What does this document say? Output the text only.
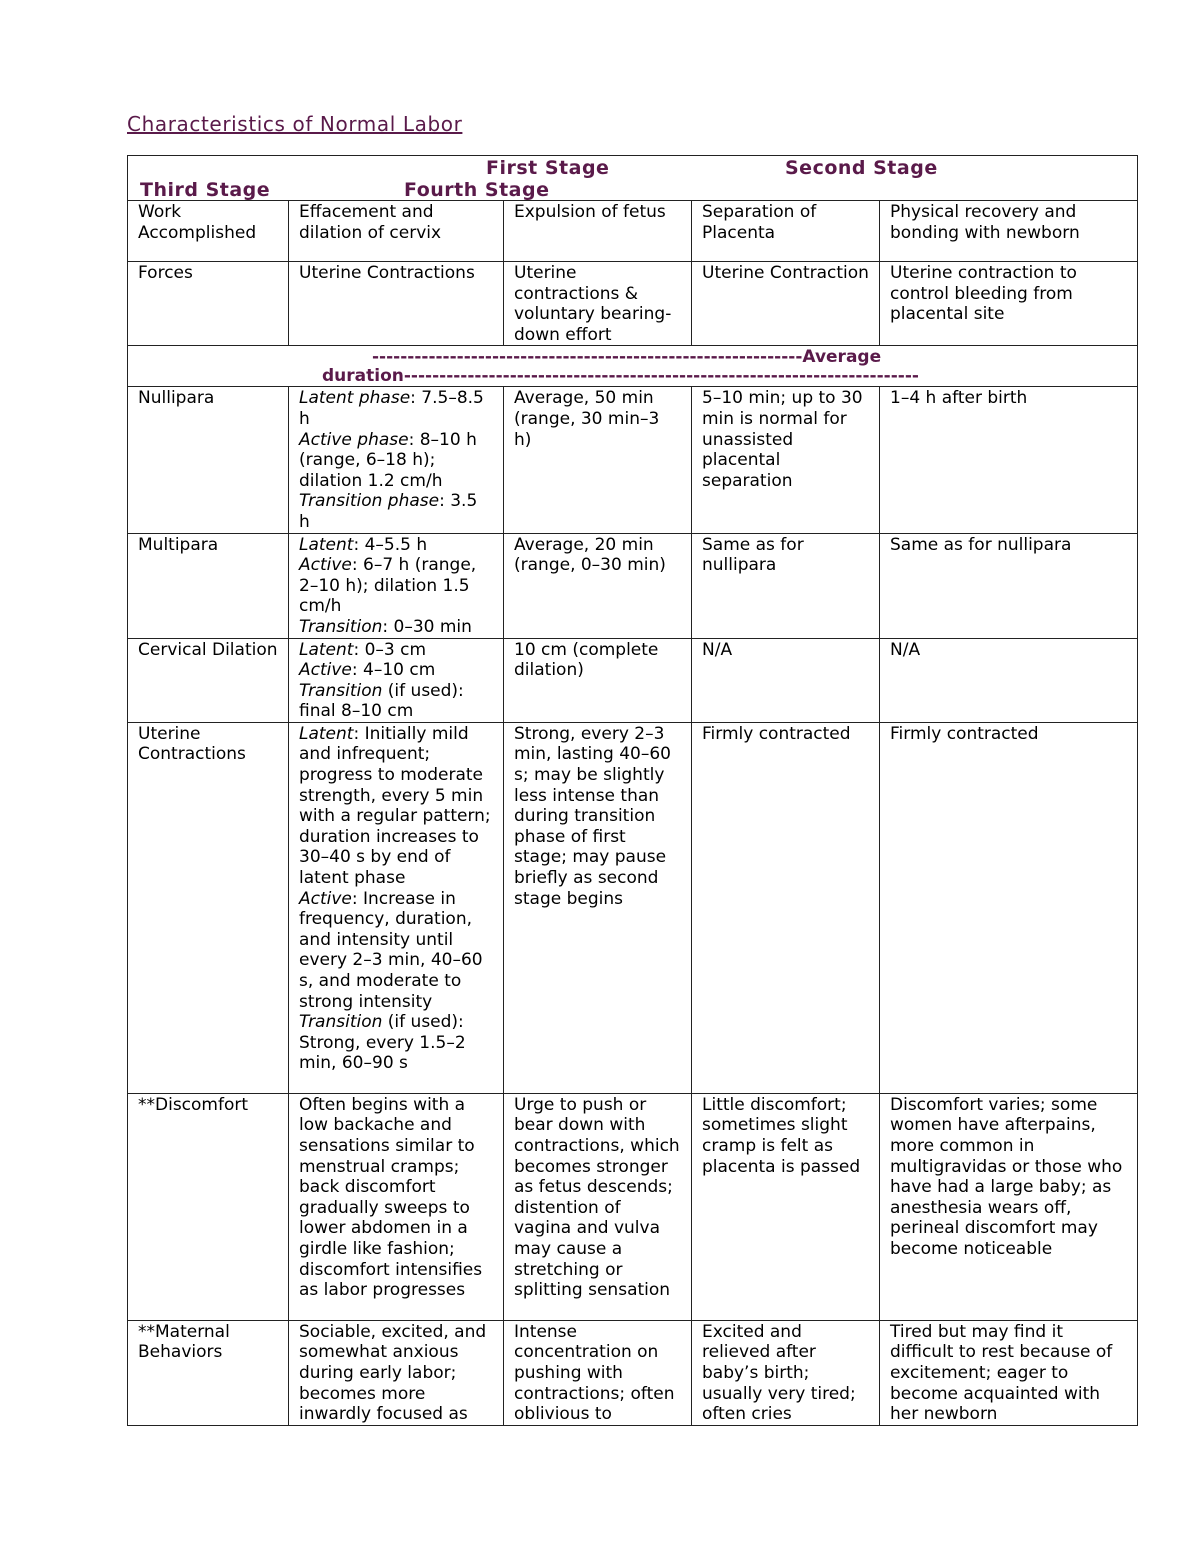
Characteristics of Normal Labor
First Stage Second Stage
Third Stage Fourth Stage				

Work Accomplished	Effacement and dilation of cervix	Expulsion of fetus	Separation of Placenta	Physical recovery and bonding with newborn
Forces	Uterine Contractions	Uterine contractions & voluntary bearing-down effort	Uterine Contraction	Uterine contraction to control bleeding from placental site

-------------------------------------------------------------Average
duration-------------------------------------------------------------------------				

Nullipara	Latent phase: 7.5–8.5 h
Active phase: 8–10 h (range, 6–18 h); dilation 1.2 cm/h
Transition phase: 3.5 h	Average, 50 min (range, 30 min–3 h)	5–10 min; up to 30 min is normal for unassisted placental separation	1–4 h after birth
Multipara	Latent: 4–5.5 h
Active: 6–7 h (range, 2–10 h); dilation 1.5 cm/h
Transition: 0–30 min	Average, 20 min (range, 0–30 min)	Same as for nullipara	Same as for nullipara
Cervical Dilation	Latent: 0–3 cm
Active: 4–10 cm
Transition (if used): final 8–10 cm	10 cm (complete dilation)	N/A	N/A
Uterine Contractions	Latent: Initially mild and infrequent; progress to moderate strength, every 5 min with a regular pattern; duration increases to 30–40 s by end of latent phase
Active: Increase in frequency, duration, and intensity until every 2–3 min, 40–60 s, and moderate to strong intensity
Transition (if used): Strong, every 1.5–2 min, 60–90 s	Strong, every 2–3 min, lasting 40–60 s; may be slightly less intense than during transition phase of first stage; may pause briefly as second stage begins	Firmly contracted	Firmly contracted
**Discomfort	Often begins with a low backache and sensations similar to menstrual cramps; back discomfort gradually sweeps to lower abdomen in a girdle like fashion; discomfort intensifies as labor progresses	Urge to push or bear down with contractions, which becomes stronger as fetus descends; distention of vagina and vulva may cause a stretching or splitting sensation	Little discomfort; sometimes slight cramp is felt as placenta is passed	Discomfort varies; some women have afterpains, more common in multigravidas or those who have had a large baby; as anesthesia wears off, perineal discomfort may become noticeable
**Maternal Behaviors	Sociable, excited, and somewhat anxious during early labor; becomes more inwardly focused as	Intense concentration on pushing with contractions; often oblivious to	Excited and relieved after baby’s birth; usually very tired; often cries	Tired but may find it difficult to rest because of excitement; eager to become acquainted with her newborn
